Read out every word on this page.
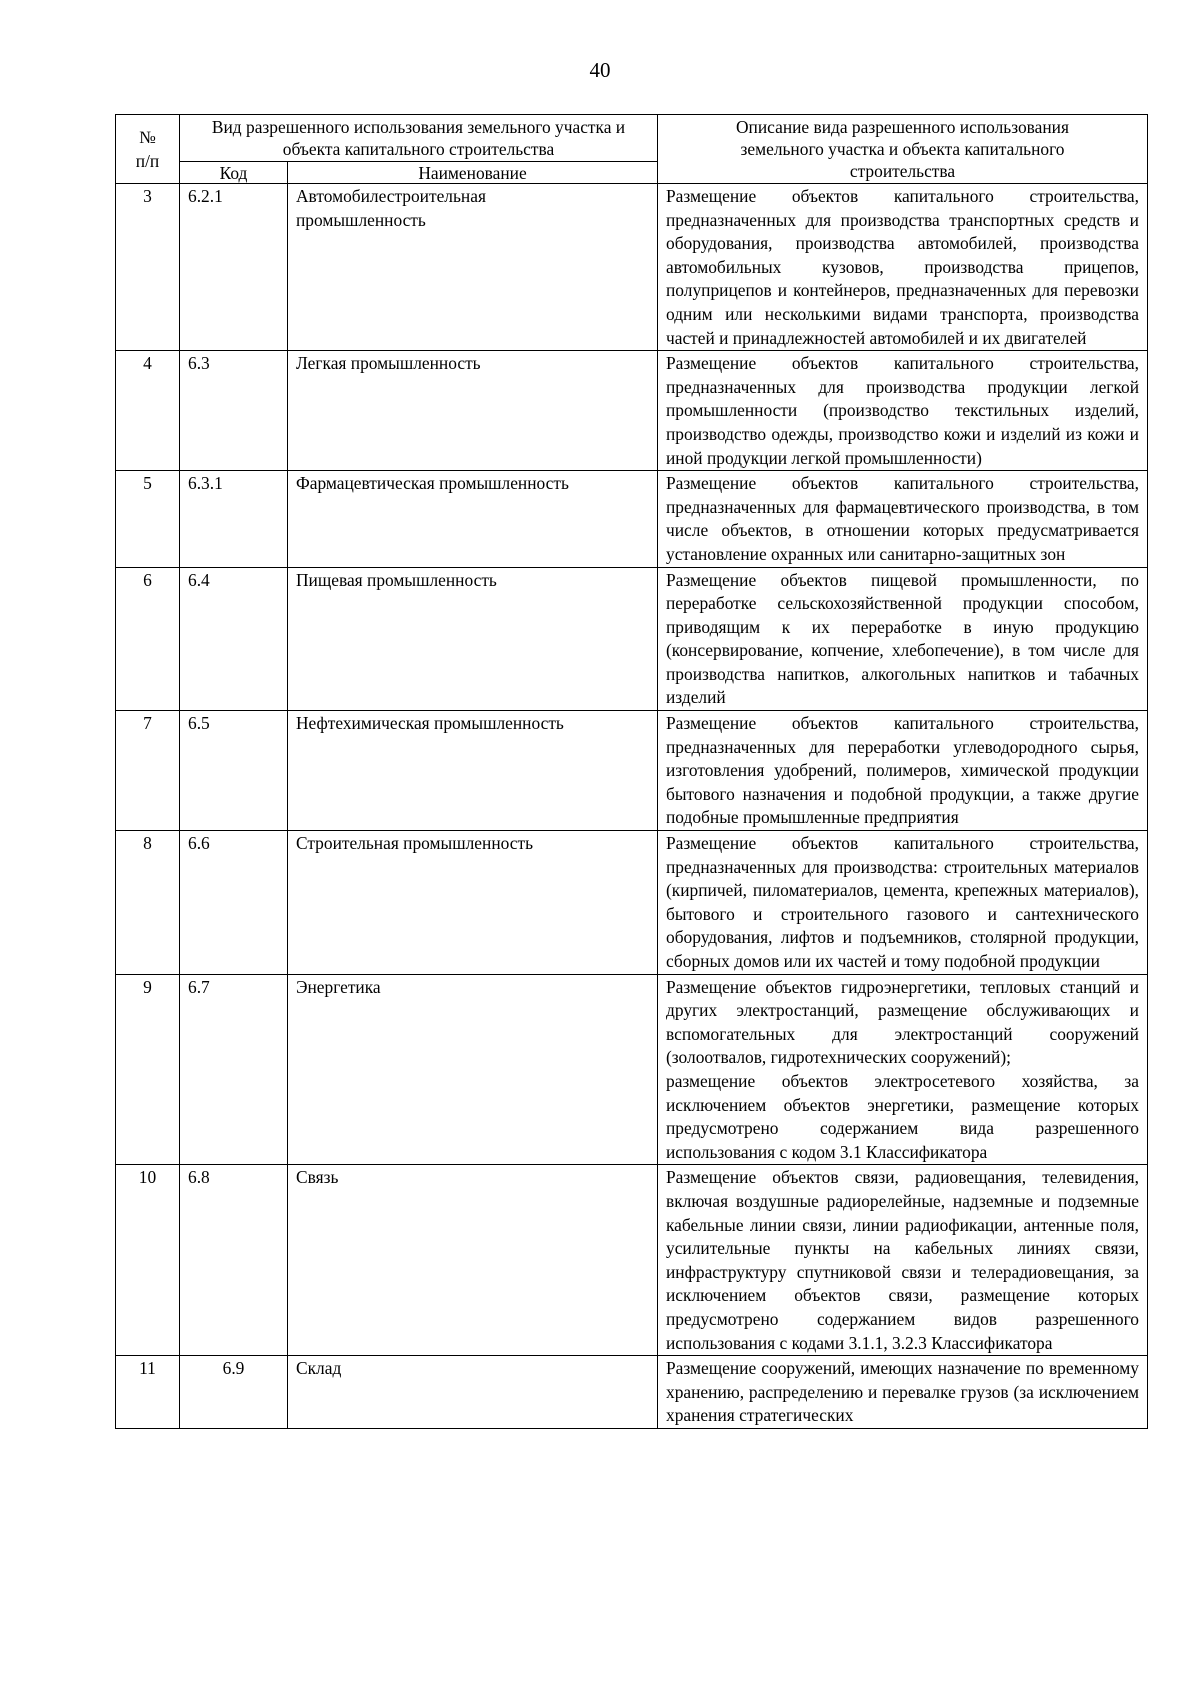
40
№ п/п	Вид разрешенного использования земельного участка и объекта капитального строительства		Описание вида разрешенного использования земельного участка и объекта капитального строительства
	Код	Наименование	
3	6.2.1	Автомобилестроительная промышленность	Размещение объектов капитального строительства, предназначенных для производства транспортных средств и оборудования, производства автомобилей, производства автомобильных кузовов, производства прицепов, полуприцепов и контейнеров, предназначенных для перевозки одним или несколькими видами транспорта, производства частей и принадлежностей автомобилей и их двигателей

4	6.3	Легкая промышленность	Размещение объектов капитального строительства, предназначенных для производства продукции легкой промышленности (производство текстильных изделий, производство одежды, производство кожи и изделий из кожи и иной продукции легкой промышленности)

5	6.3.1	Фармацевтическая промышленность	Размещение объектов капитального строительства, предназначенных для фармацевтического производства, в том числе объектов, в отношении которых предусматривается установление охранных или санитарно-защитных зон

6	6.4	Пищевая промышленность	Размещение объектов пищевой промышленности, по переработке сельскохозяйственной продукции способом, приводящим к их переработке в иную продукцию (консервирование, копчение, хлебопечение), в том числе для производства напитков, алкогольных напитков и табачных изделий

7	6.5	Нефтехимическая промышленность	Размещение объектов капитального строительства, предназначенных для переработки углеводородного сырья, изготовления удобрений, полимеров, химической продукции бытового назначения и подобной продукции, а также другие подобные промышленные предприятия

8	6.6	Строительная промышленность	Размещение объектов капитального строительства, предназначенных для производства: строительных материалов (кирпичей, пиломатериалов, цемента, крепежных материалов), бытового и строительного газового и сантехнического оборудования, лифтов и подъемников, столярной продукции, сборных домов или их частей и тому подобной продукции

9	6.7	Энергетика	Размещение объектов гидроэнергетики, тепловых станций и других электростанций, размещение обслуживающих и вспомогательных для электростанций сооружений (золоотвалов, гидротехнических сооружений);
размещение объектов электросетевого хозяйства, за исключением объектов энергетики, размещение которых предусмотрено содержанием вида разрешенного использования с кодом 3.1 Классификатора

10	6.8	Связь	Размещение объектов связи, радиовещания, телевидения, включая воздушные радиорелейные, надземные и подземные кабельные линии связи, линии радиофикации, антенные поля, усилительные пункты на кабельных линиях связи, инфраструктуру спутниковой связи и телерадиовещания, за исключением объектов связи, размещение которых предусмотрено содержанием видов разрешенного использования с кодами 3.1.1, 3.2.3 Классификатора

11	6.9	Склад	Размещение сооружений, имеющих назначение по временному хранению, распределению и перевалке грузов (за исключением хранения стратегических
